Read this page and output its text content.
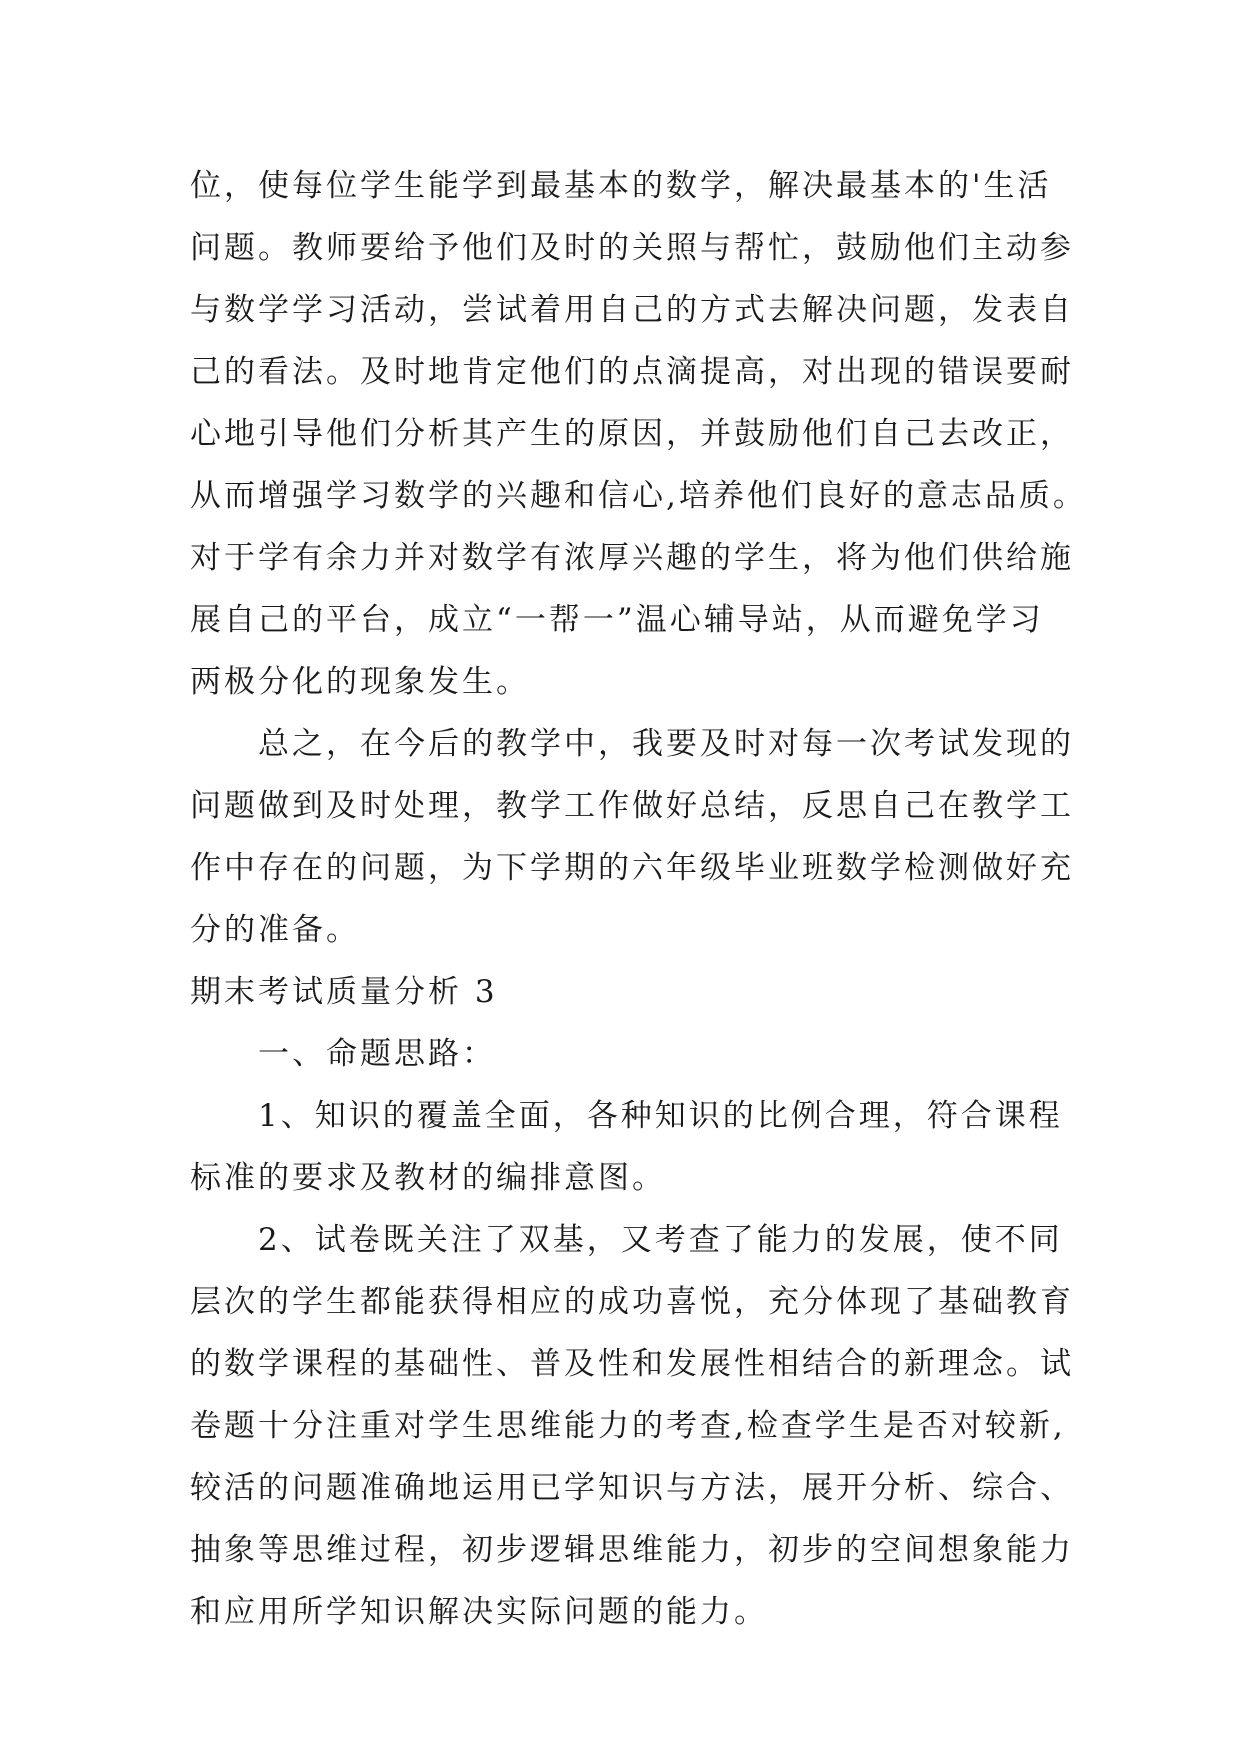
位，使每位学生能学到最基本的数学，解决最基本的'生活
问题。教师要给予他们及时的关照与帮忙，鼓励他们主动参
与数学学习活动，尝试着用自己的方式去解决问题，发表自
己的看法。及时地肯定他们的点滴提高，对出现的错误要耐
心地引导他们分析其产生的原因，并鼓励他们自己去改正，
从而增强学习数学的兴趣和信心,培养他们良好的意志品质。
对于学有余力并对数学有浓厚兴趣的学生，将为他们供给施
展自己的平台，成立“一帮一”温心辅导站，从而避免学习
两极分化的现象发生。
　　总之，在今后的教学中，我要及时对每一次考试发现的
问题做到及时处理，教学工作做好总结，反思自己在教学工
作中存在的问题，为下学期的六年级毕业班数学检测做好充
分的准备。
期末考试质量分析 3
　　一、命题思路：
　　1、知识的覆盖全面，各种知识的比例合理，符合课程
标准的要求及教材的编排意图。
　　2、试卷既关注了双基，又考查了能力的发展，使不同
层次的学生都能获得相应的成功喜悦，充分体现了基础教育
的数学课程的基础性、普及性和发展性相结合的新理念。试
卷题十分注重对学生思维能力的考查,检查学生是否对较新,
较活的问题准确地运用已学知识与方法，展开分析、综合、
抽象等思维过程，初步逻辑思维能力，初步的空间想象能力
和应用所学知识解决实际问题的能力。
